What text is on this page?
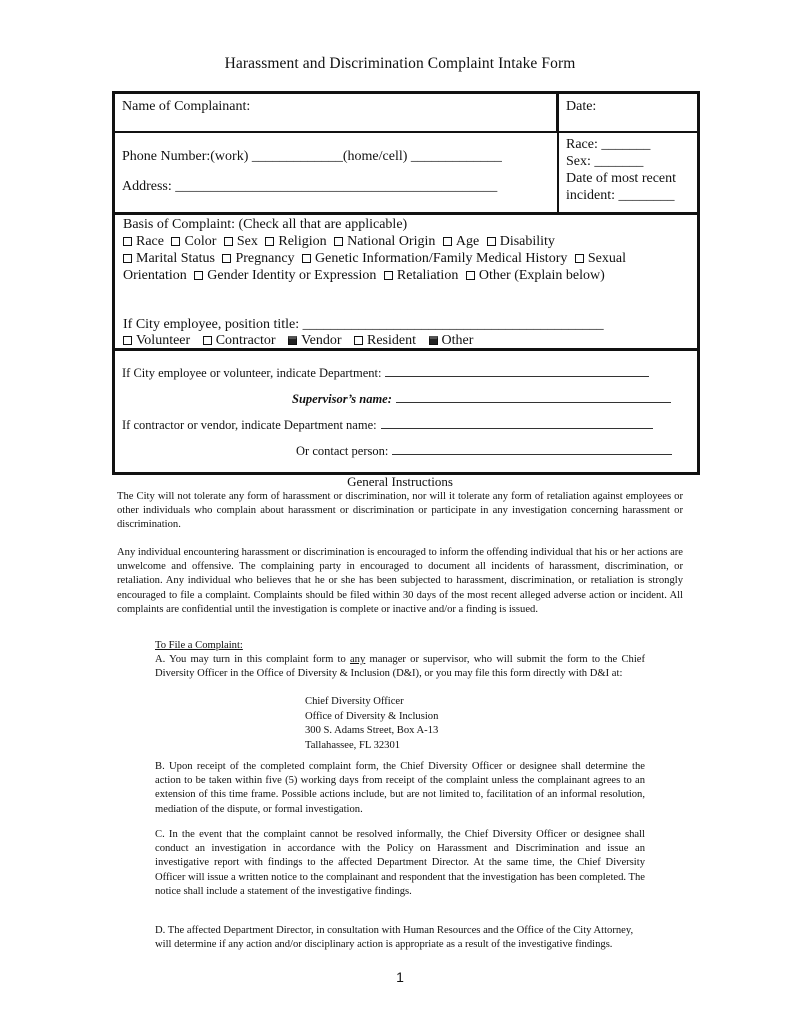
Harassment and Discrimination Complaint Intake Form
Name of Complainant:	Date:
Phone Number:(work) _____________(home/cell) _____________
Address: ______________________________________________
Race: _______
Sex: _______
Date of most recent
incident: ________
Basis of Complaint: (Check all that are applicable)
Race Color Sex Religion National Origin Age Disability
Marital Status Pregnancy Genetic Information/Family Medical History Sexual
Orientation Gender Identity or Expression Retaliation Other (Explain below)
If City employee, position title: ___________________________________________
Volunteer Contractor Vendor Resident Other
If City employee or volunteer, indicate Department:
Supervisor’s name:
If contractor or vendor, indicate Department name:
Or contact person:
General Instructions
The City will not tolerate any form of harassment or discrimination, nor will it tolerate any form of retaliation against employees or other individuals who complain about harassment or discrimination or participate in any investigation concerning harassment or discrimination.
Any individual encountering harassment or discrimination is encouraged to inform the offending individual that his or her actions are unwelcome and offensive. The complaining party in encouraged to document all incidents of harassment, discrimination, or retaliation. Any individual who believes that he or she has been subjected to harassment, discrimination, or retaliation is strongly encouraged to file a complaint. Complaints should be filed within 30 days of the most recent alleged adverse action or incident. All complaints are confidential until the investigation is complete or inactive and/or a finding is issued.
To File a Complaint:
A. You may turn in this complaint form to any manager or supervisor, who will submit the form to the Chief Diversity Officer in the Office of Diversity & Inclusion (D&I), or you may file this form directly with D&I at:
Chief Diversity Officer
Office of Diversity & Inclusion
300 S. Adams Street, Box A-13
Tallahassee, FL 32301
B. Upon receipt of the completed complaint form, the Chief Diversity Officer or designee shall determine the action to be taken within five (5) working days from receipt of the complaint unless the complainant agrees to an extension of this time frame. Possible actions include, but are not limited to, facilitation of an informal resolution, mediation of the dispute, or formal investigation.
C. In the event that the complaint cannot be resolved informally, the Chief Diversity Officer or designee shall conduct an investigation in accordance with the Policy on Harassment and Discrimination and issue an investigative report with findings to the affected Department Director. At the same time, the Chief Diversity Officer will issue a written notice to the complainant and respondent that the investigation has been completed. The notice shall include a statement of the investigative findings.
D. The affected Department Director, in consultation with Human Resources and the Office of the City Attorney, will determine if any action and/or disciplinary action is appropriate as a result of the investigative findings.
1
